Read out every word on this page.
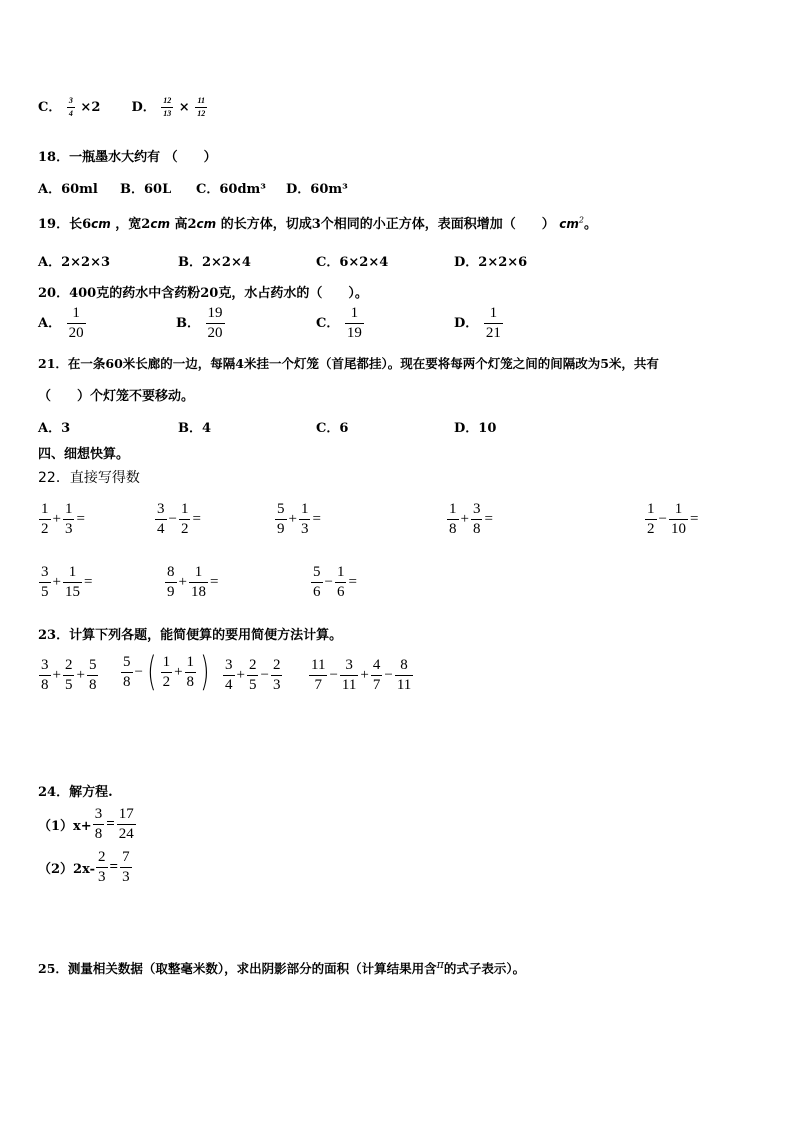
C． $\frac{3}{4} \times 2$ D． $\frac{12}{13} \times \frac{11}{12}$
18．一瓶墨水大约有 （　　）
A．60ml B．60L C．60dm³ D．60m³
19．长6cm ，宽2cm 高2cm 的长方体，切成3个相同的小正方体，表面积增加（　　） $cm^2$。
A．2×2×3	B．2×2×4	C．6×2×4	D．2×2×6
20．400克的药水中含药粉20克，水占药水的（　　）。
A． $\frac{1}{20}$	B． $\frac{19}{20}$	C． $\frac{1}{19}$	D． $\frac{1}{21}$
21．在一条60米长廊的一边，每隔4米挂一个灯笼（首尾都挂）。现在要将每两个灯笼之间的间隔改为5米，共有
（　　）个灯笼不要移动。
A．3	B．4	C．6	D．10
四、细想快算。
22．直接写得数
$\frac{1}{2} + \frac{1}{3}$ =	$\frac{3}{4} - \frac{1}{2}$ =	$\frac{5}{9} + \frac{1}{3}$ =	$\frac{1}{8} + \frac{3}{8}$ =	$\frac{1}{2} - \frac{1}{10}$ =
$\frac{3}{5} + \frac{1}{15}$ =	$\frac{8}{9} + \frac{1}{18}$ =	$\frac{5}{6} - \frac{1}{6}$ =
23．计算下列各题，能简便算的要用简便方法计算。
$\frac{3}{8} + \frac{2}{5} + \frac{5}{8} \frac{5}{8}$ − ( $\frac{1}{2} + \frac{1}{8}$ ) $\frac{3}{4} + \frac{2}{5} - \frac{2}{3} \frac{11}{7} - \frac{3}{11} + \frac{4}{7} - \frac{8}{11}$
24．解方程.
$(1)x+ \frac{3}{8} = \frac{17}{24}$
$(2)2x- \frac{2}{3} = \frac{7}{3}$
25．测量相关数据（取整毫米数），求出阴影部分的面积（计算结果用含π的式子表示）。
